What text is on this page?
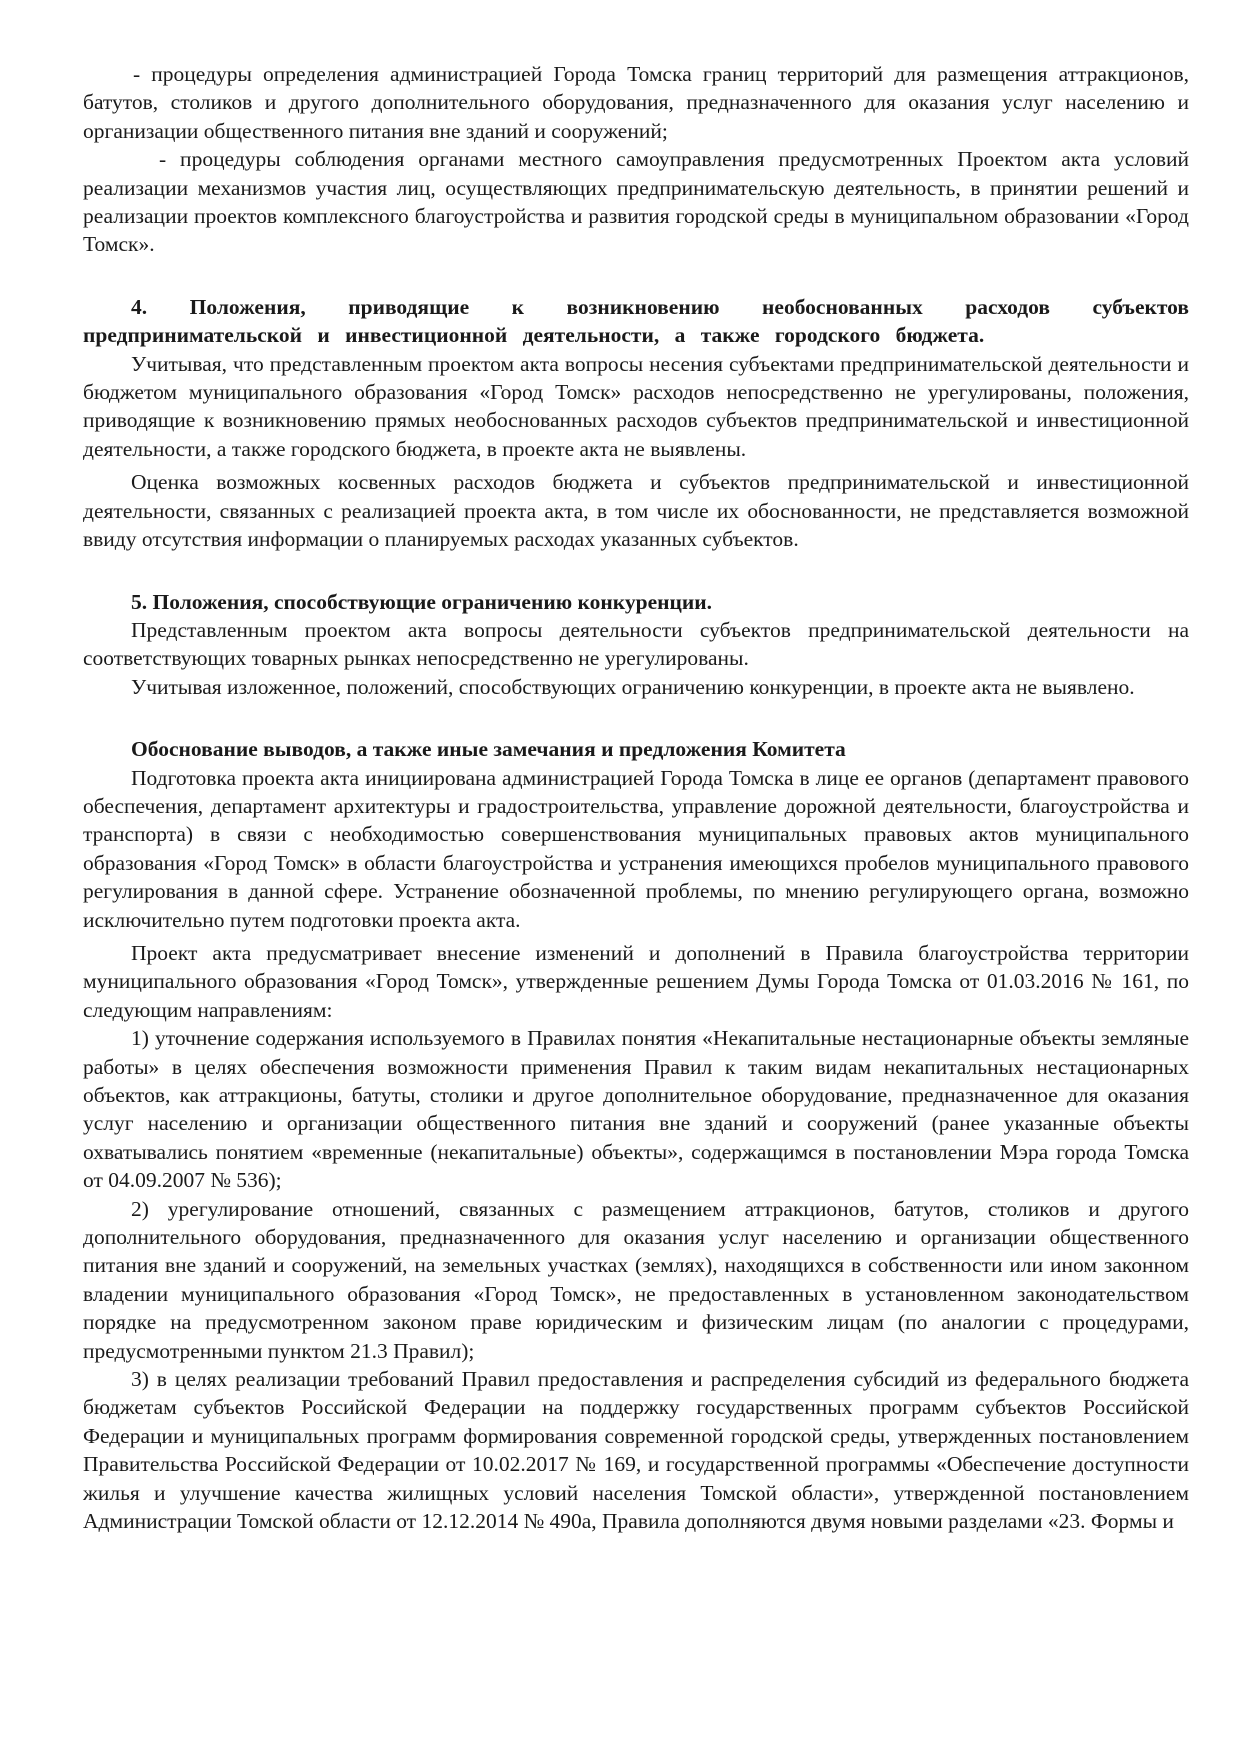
- процедуры определения администрацией Города Томска границ территорий для размещения аттракционов, батутов, столиков и другого дополнительного оборудования, предназначенного для оказания услуг населению и организации общественного питания вне зданий и сооружений;

- процедуры соблюдения органами местного самоуправления предусмотренных Проектом акта условий реализации механизмов участия лиц, осуществляющих предпринимательскую деятельность, в принятии решений и реализации проектов комплексного благоустройства и развития городской среды в муниципальном образовании «Город Томск».

4. Положения, приводящие к возникновению необоснованных расходов субъектов предпринимательской и инвестиционной деятельности, а также городского бюджета.

Учитывая, что представленным проектом акта вопросы несения субъектами предпринимательской деятельности и бюджетом муниципального образования «Город Томск» расходов непосредственно не урегулированы, положения, приводящие к возникновению прямых необоснованных расходов субъектов предпринимательской и инвестиционной деятельности, а также городского бюджета, в проекте акта не выявлены.

Оценка возможных косвенных расходов бюджета и субъектов предпринимательской и инвестиционной деятельности, связанных с реализацией проекта акта, в том числе их обоснованности, не представляется возможной ввиду отсутствия информации о планируемых расходах указанных субъектов.

5. Положения, способствующие ограничению конкуренции.

Представленным проектом акта вопросы деятельности субъектов предпринимательской деятельности на соответствующих товарных рынках непосредственно не урегулированы.

Учитывая изложенное, положений, способствующих ограничению конкуренции, в проекте акта не выявлено.

Обоснование выводов, а также иные замечания и предложения Комитета

Подготовка проекта акта инициирована администрацией Города Томска в лице ее органов (департамент правового обеспечения, департамент архитектуры и градостроительства, управление дорожной деятельности, благоустройства и транспорта) в связи с необходимостью совершенствования муниципальных правовых актов муниципального образования «Город Томск» в области благоустройства и устранения имеющихся пробелов муниципального правового регулирования в данной сфере. Устранение обозначенной проблемы, по мнению регулирующего органа, возможно исключительно путем подготовки проекта акта.

Проект акта предусматривает внесение изменений и дополнений в Правила благоустройства территории муниципального образования «Город Томск», утвержденные решением Думы Города Томска от 01.03.2016 № 161, по следующим направлениям:

1) уточнение содержания используемого в Правилах понятия «Некапитальные нестационарные объекты земляные работы» в целях обеспечения возможности применения Правил к таким видам некапитальных нестационарных объектов, как аттракционы, батуты, столики и другое дополнительное оборудование, предназначенное для оказания услуг населению и организации общественного питания вне зданий и сооружений (ранее указанные объекты охватывались понятием «временные (некапитальные) объекты», содержащимся в постановлении Мэра города Томска от 04.09.2007 № 536);

2) урегулирование отношений, связанных с размещением аттракционов, батутов, столиков и другого дополнительного оборудования, предназначенного для оказания услуг населению и организации общественного питания вне зданий и сооружений, на земельных участках (землях), находящихся в собственности или ином законном владении муниципального образования «Город Томск», не предоставленных в установленном законодательством порядке на предусмотренном законом праве юридическим и физическим лицам (по аналогии с процедурами, предусмотренными пунктом 21.3 Правил);

3) в целях реализации требований Правил предоставления и распределения субсидий из федерального бюджета бюджетам субъектов Российской Федерации на поддержку государственных программ субъектов Российской Федерации и муниципальных программ формирования современной городской среды, утвержденных постановлением Правительства Российской Федерации от 10.02.2017 № 169, и государственной программы «Обеспечение доступности жилья и улучшение качества жилищных условий населения Томской области», утвержденной постановлением Администрации Томской области от 12.12.2014 № 490а, Правила дополняются двумя новыми разделами «23. Формы и
